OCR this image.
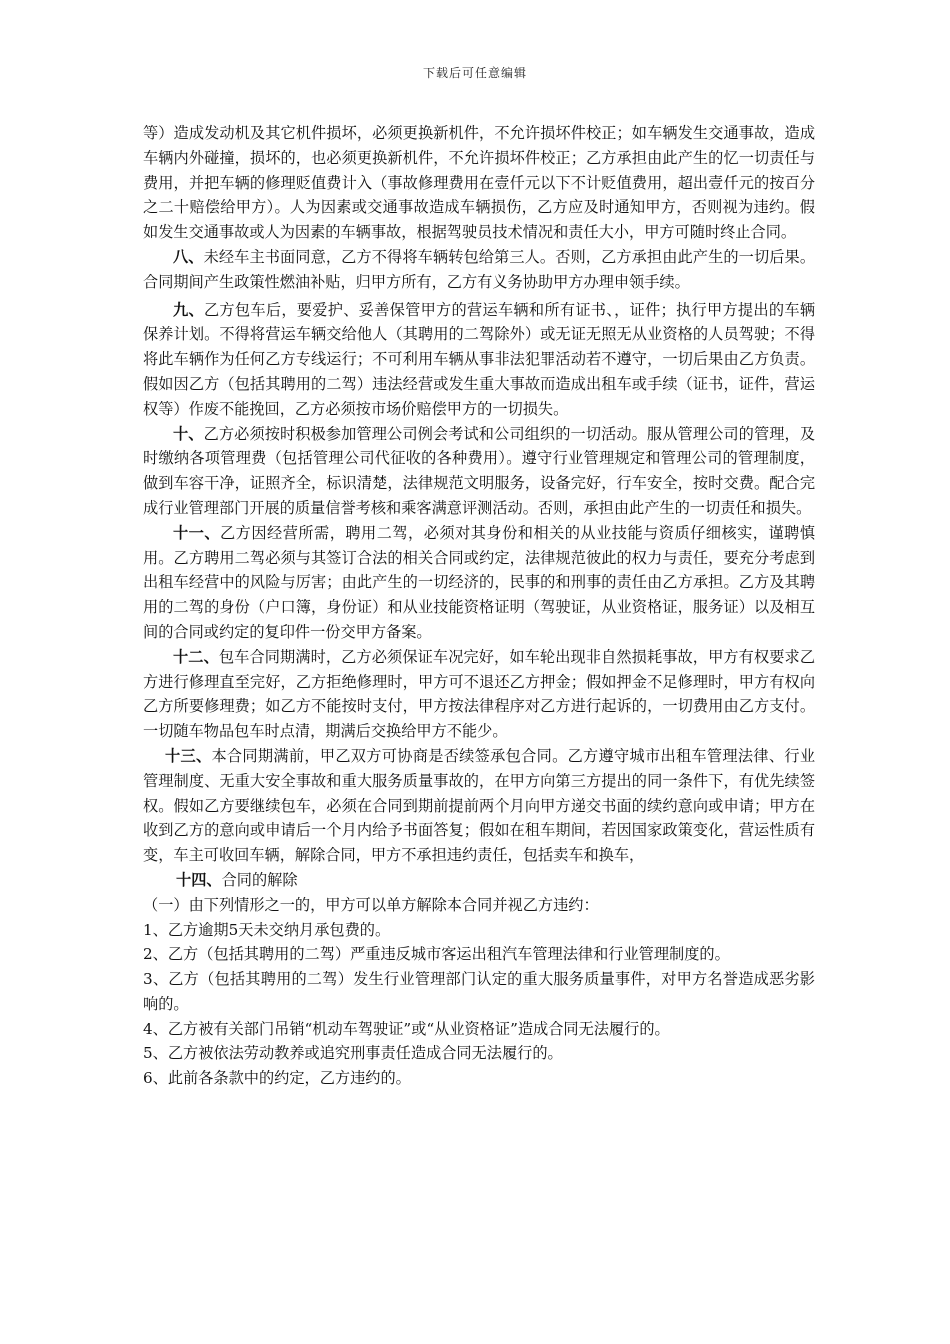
下载后可任意编辑

等）造成发动机及其它机件损坏，必须更换新机件，不允许损坏件校正；如车辆发生交通事故，造成车辆内外碰撞，损坏的，也必须更换新机件，不允许损坏件校正；乙方承担由此产生的忆一切责任与费用，并把车辆的修理贬值费计入（事故修理费用在壹仟元以下不计贬值费用，超出壹仟元的按百分之二十赔偿给甲方）。人为因素或交通事故造成车辆损伤，乙方应及时通知甲方，否则视为违约。假如发生交通事故或人为因素的车辆事故，根据驾驶员技术情况和责任大小，甲方可随时终止合同。

八、未经车主书面同意，乙方不得将车辆转包给第三人。否则，乙方承担由此产生的一切后果。合同期间产生政策性燃油补贴，归甲方所有，乙方有义务协助甲方办理申领手续。

九、乙方包车后，要爱护、妥善保管甲方的营运车辆和所有证书、，证件；执行甲方提出的车辆保养计划。不得将营运车辆交给他人（其聘用的二驾除外）或无证无照无从业资格的人员驾驶；不得将此车辆作为任何乙方专线运行；不可利用车辆从事非法犯罪活动若不遵守，一切后果由乙方负责。假如因乙方（包括其聘用的二驾）违法经营或发生重大事故而造成出租车或手续（证书，证件，营运权等）作废不能挽回，乙方必须按市场价赔偿甲方的一切损失。

十、乙方必须按时积极参加管理公司例会考试和公司组织的一切活动。服从管理公司的管理，及时缴纳各项管理费（包括管理公司代征收的各种费用）。遵守行业管理规定和管理公司的管理制度，做到车容干净，证照齐全，标识清楚，法律规范文明服务，设备完好，行车安全，按时交费。配合完成行业管理部门开展的质量信誉考核和乘客满意评测活动。否则，承担由此产生的一切责任和损失。

十一、乙方因经营所需，聘用二驾，必须对其身份和相关的从业技能与资质仔细核实，谨聘慎用。乙方聘用二驾必须与其签订合法的相关合同或约定，法律规范彼此的权力与责任，要充分考虑到出租车经营中的风险与厉害；由此产生的一切经济的，民事的和刑事的责任由乙方承担。乙方及其聘用的二驾的身份（户口簿，身份证）和从业技能资格证明（驾驶证，从业资格证，服务证）以及相互间的合同或约定的复印件一份交甲方备案。

十二、包车合同期满时，乙方必须保证车况完好，如车轮出现非自然损耗事故，甲方有权要求乙方进行修理直至完好，乙方拒绝修理时，甲方可不退还乙方押金；假如押金不足修理时，甲方有权向乙方所要修理费；如乙方不能按时支付，甲方按法律程序对乙方进行起诉的，一切费用由乙方支付。一切随车物品包车时点清，期满后交换给甲方不能少。

十三、本合同期满前，甲乙双方可协商是否续签承包合同。乙方遵守城市出租车管理法律、行业管理制度、无重大安全事故和重大服务质量事故的，在甲方向第三方提出的同一条件下，有优先续签权。假如乙方要继续包车，必须在合同到期前提前两个月向甲方递交书面的续约意向或申请；甲方在收到乙方的意向或申请后一个月内给予书面答复；假如在租车期间，若因国家政策变化，营运性质有变，车主可收回车辆，解除合同，甲方不承担违约责任，包括卖车和换车，

十四、合同的解除

（一）由下列情形之一的，甲方可以单方解除本合同并视乙方违约：

1、乙方逾期5天未交纳月承包费的。

2、乙方（包括其聘用的二驾）严重违反城市客运出租汽车管理法律和行业管理制度的。

3、乙方（包括其聘用的二驾）发生行业管理部门认定的重大服务质量事件，对甲方名誉造成恶劣影响的。

4、乙方被有关部门吊销“机动车驾驶证”或“从业资格证”造成合同无法履行的。

5、乙方被依法劳动教养或追究刑事责任造成合同无法履行的。

6、此前各条款中的约定，乙方违约的。
